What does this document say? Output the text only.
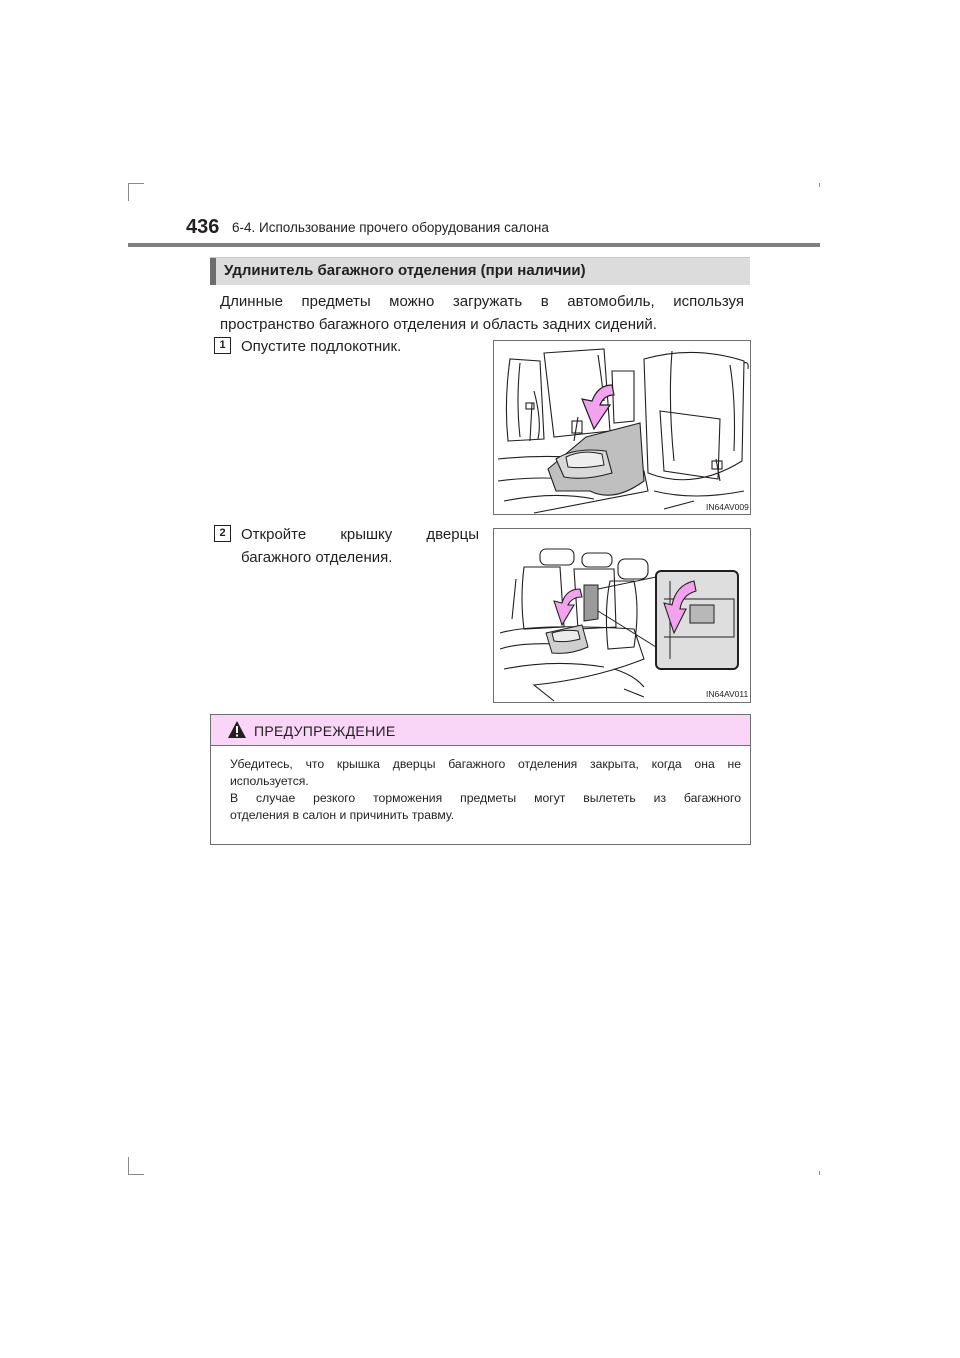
436 6-4. Использование прочего оборудования салона
Удлинитель багажного отделения (при наличии)
Длинные предметы можно загружать в автомобиль, используя
пространство багажного отделения и область задних сидений.
1	Опустите подлокотник.
IN64AV009
2	Откройте крышку дверцы
багажного отделения.
IN64AV011
ПРЕДУПРЕЖДЕНИЕ
Убедитесь, что крышка дверцы багажного отделения закрыта, когда она не
используется.
В случае резкого торможения предметы могут вылететь из багажного
отделения в салон и причинить травму.
